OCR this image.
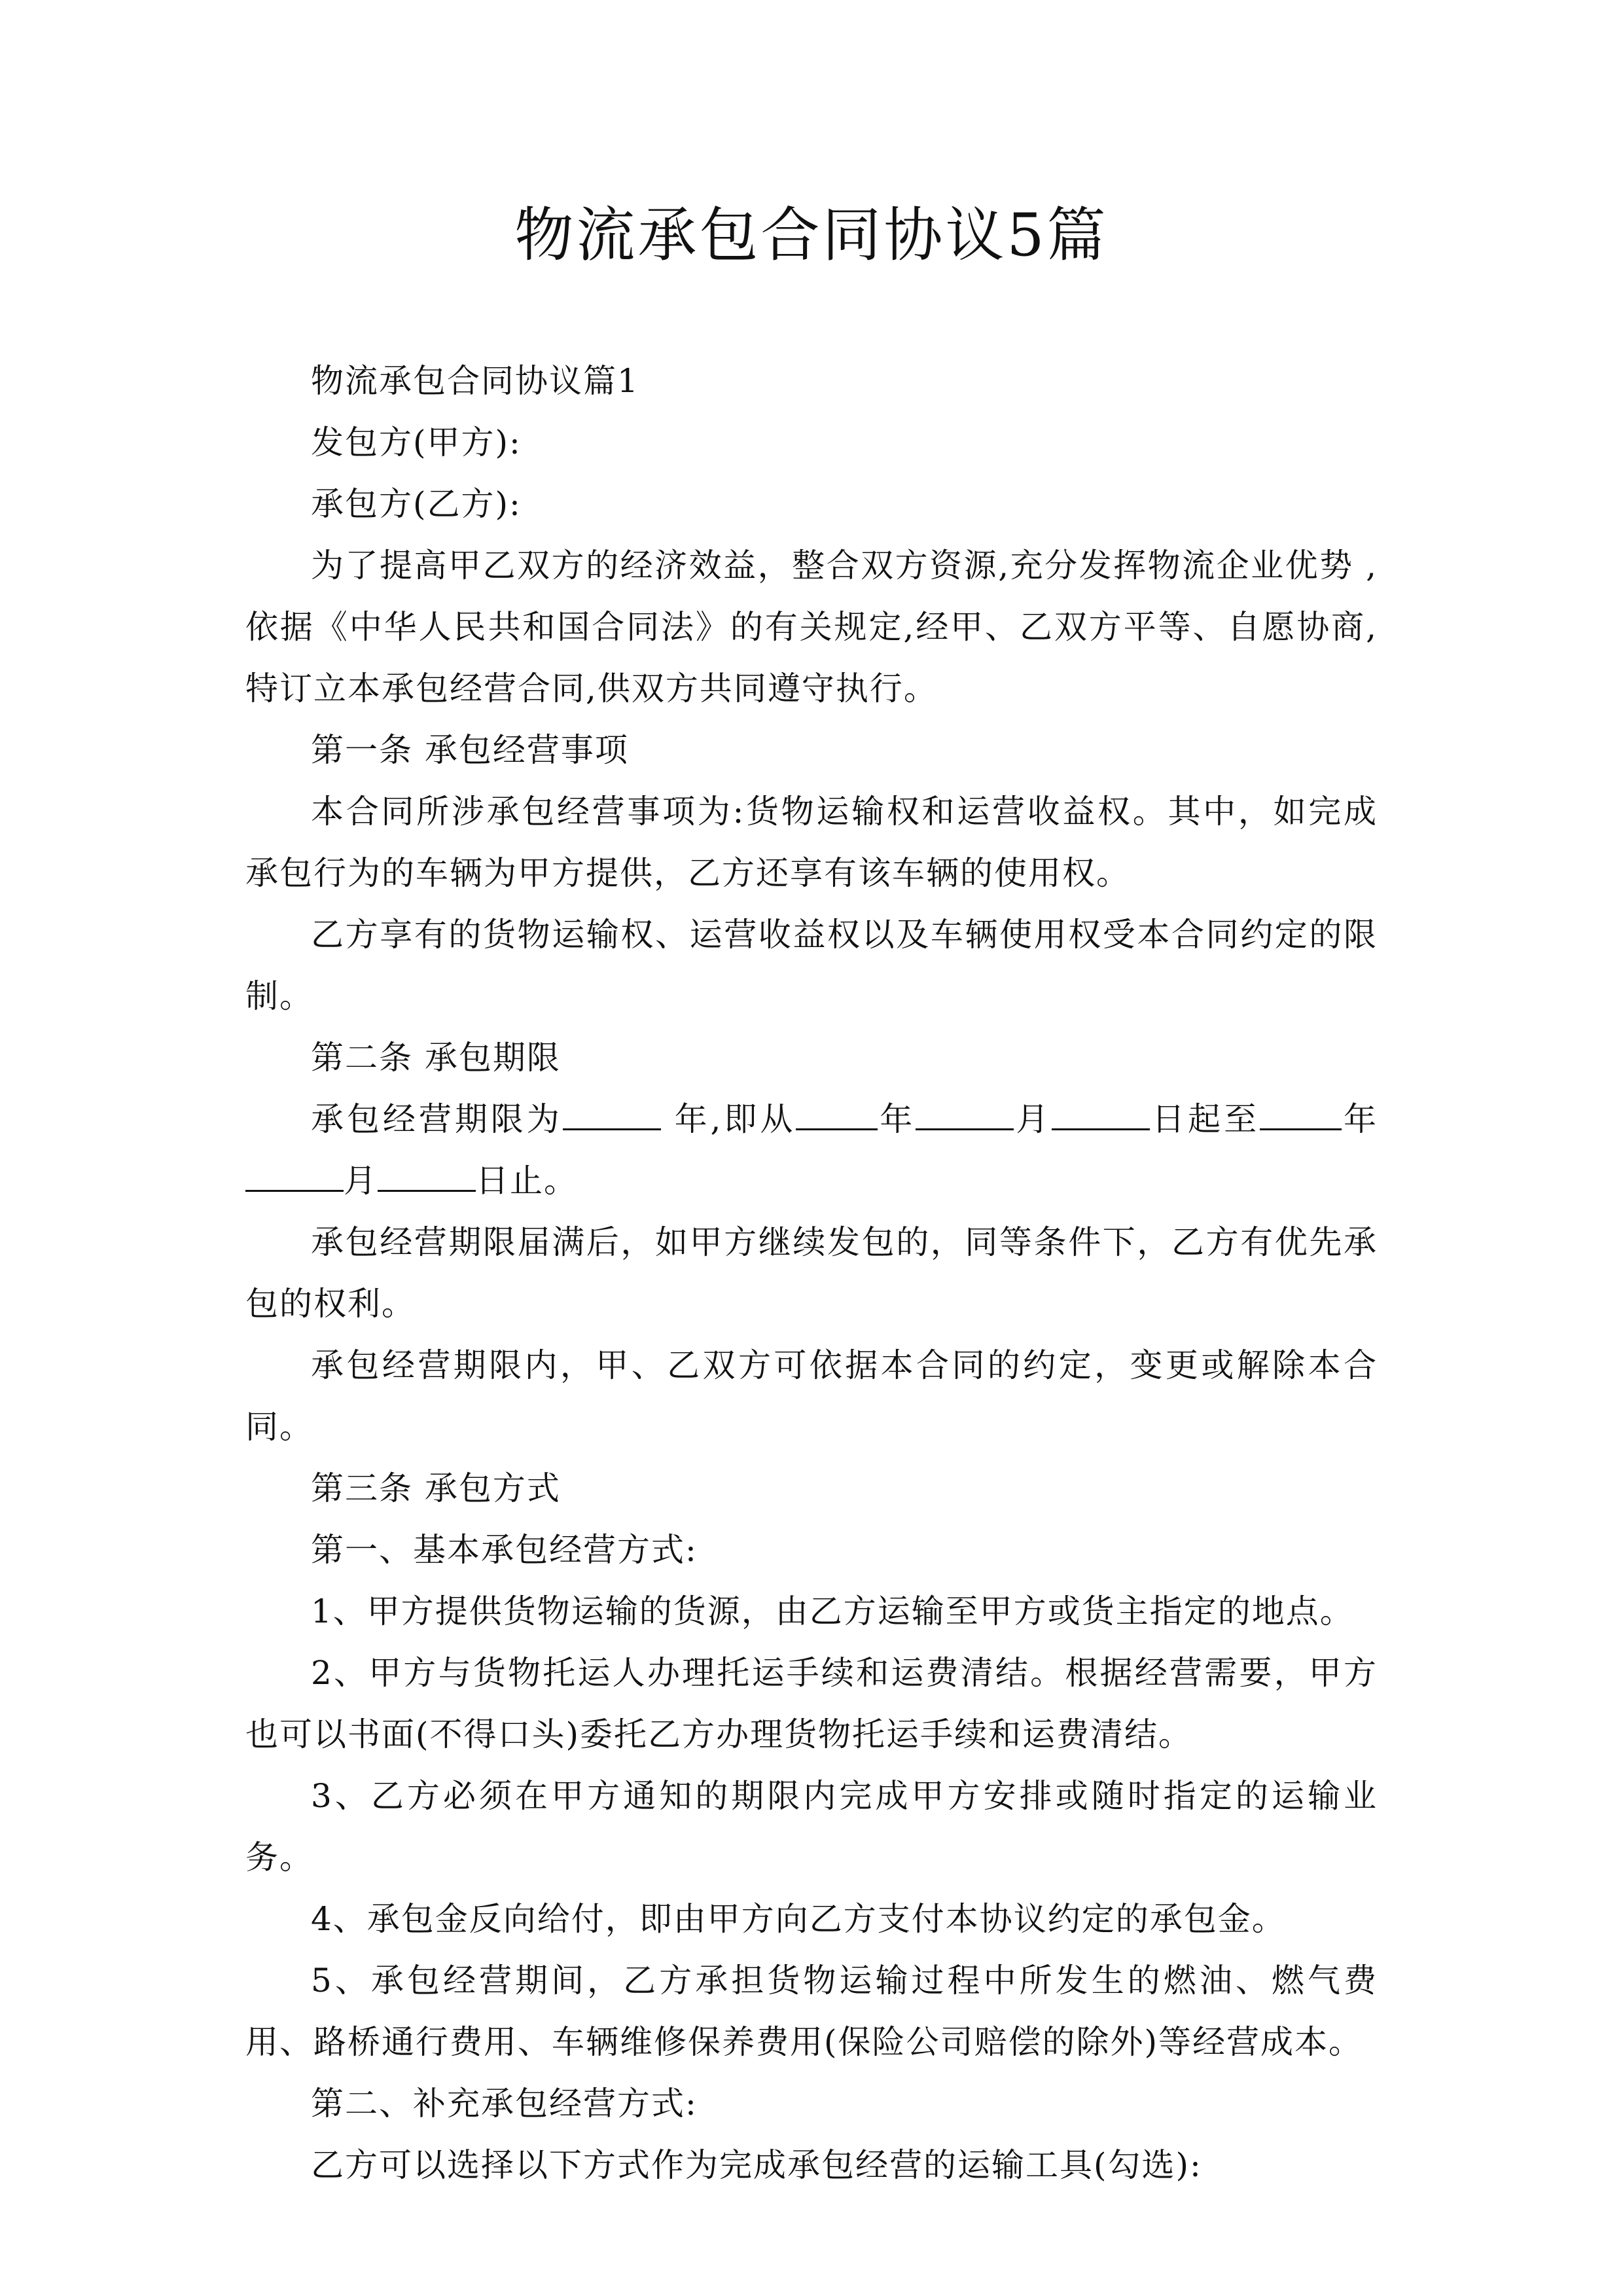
物流承包合同协议5篇

物流承包合同协议篇1

发包方(甲方):

承包方(乙方):

为了提高甲乙双方的经济效益，整合双方资源,充分发挥物流企业优势 ,依据《中华人民共和国合同法》的有关规定,经甲、乙双方平等、自愿协商,特订立本承包经营合同,供双方共同遵守执行。

第一条 承包经营事项

本合同所涉承包经营事项为:货物运输权和运营收益权。其中，如完成承包行为的车辆为甲方提供，乙方还享有该车辆的使用权。

乙方享有的货物运输权、运营收益权以及车辆使用权受本合同约定的限制。

第二条 承包期限

承包经营期限为	年,即从	年	月	日起至	年月	日止。

承包经营期限届满后，如甲方继续发包的，同等条件下，乙方有优先承包的权利。

承包经营期限内，甲、乙双方可依据本合同的约定，变更或解除本合同。

第三条 承包方式

第一、基本承包经营方式:

1、甲方提供货物运输的货源，由乙方运输至甲方或货主指定的地点。

2、甲方与货物托运人办理托运手续和运费清结。根据经营需要，甲方也可以书面(不得口头)委托乙方办理货物托运手续和运费清结。

3、乙方必须在甲方通知的期限内完成甲方安排或随时指定的运输业务。

4、承包金反向给付，即由甲方向乙方支付本协议约定的承包金。

5、承包经营期间，乙方承担货物运输过程中所发生的燃油、燃气费用、路桥通行费用、车辆维修保养费用(保险公司赔偿的除外)等经营成本。

第二、补充承包经营方式:

乙方可以选择以下方式作为完成承包经营的运输工具(勾选):
